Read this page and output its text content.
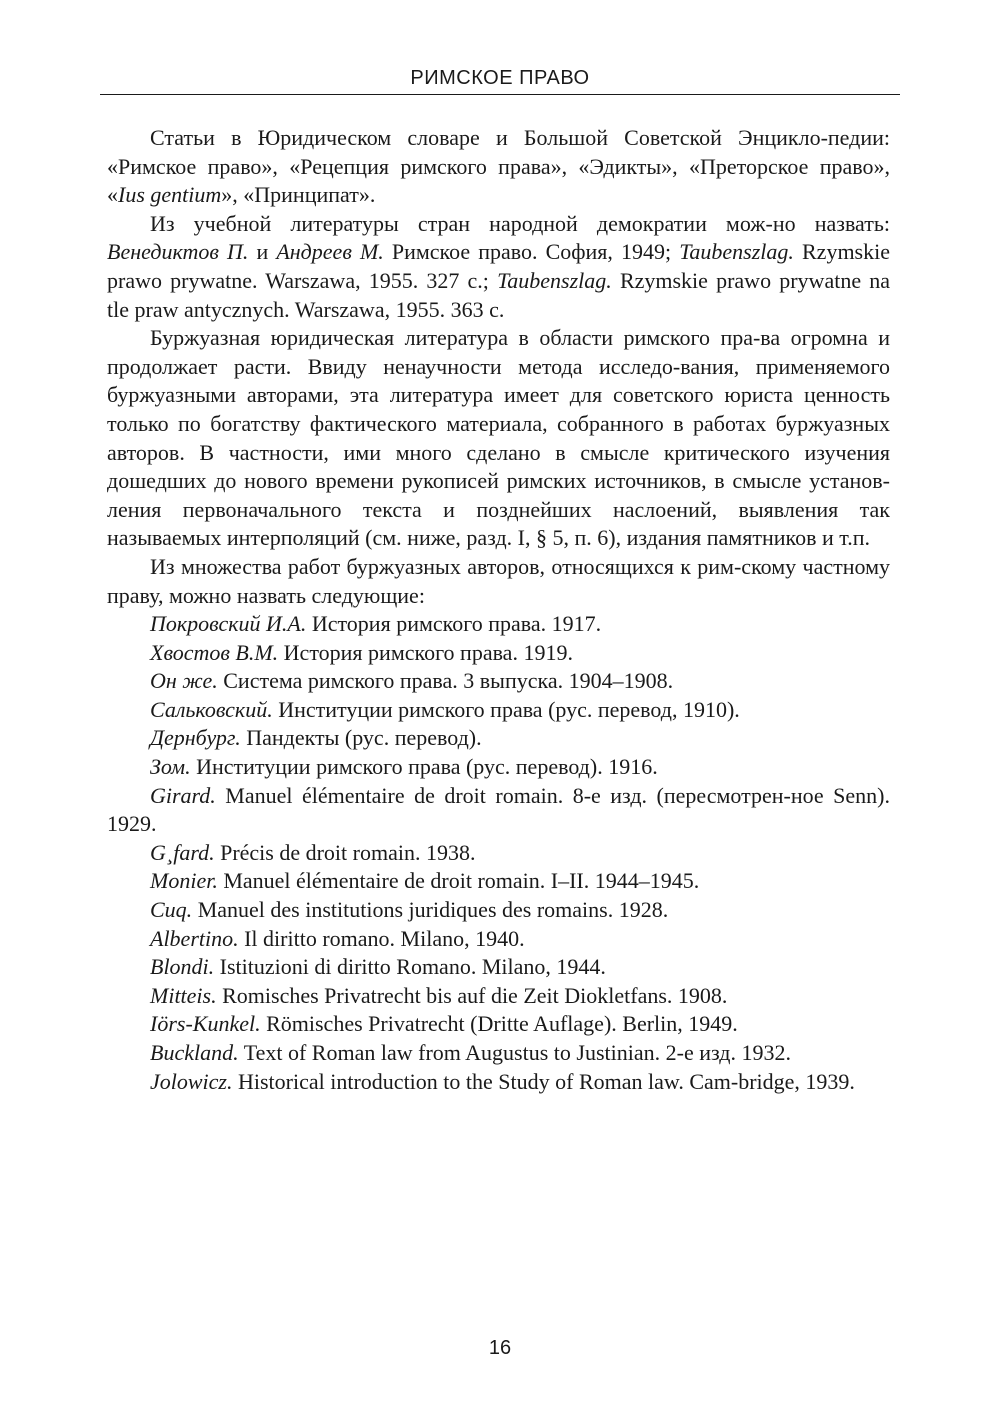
РИМСКОЕ ПРАВО

Статьи в Юридическом словаре и Большой Советской Энцикло-педии: «Римское право», «Рецепция римского права», «Эдикты», «Преторское право», «Ius gentium», «Принципат».

Из учебной литературы стран народной демократии мож-но назвать: Венедиктов П. и Андреев М. Римское право. София, 1949; Taubenszlag. Rzymskie prawo prywatne. Warszawa, 1955. 327 с.; Taubenszlag. Rzymskie prawo prywatne na tle praw antycznych. Warszawa, 1955. 363 с.

Буржуазная юридическая литература в области римского пра-ва огромна и продолжает расти. Ввиду ненаучности метода исследо-вания, применяемого буржуазными авторами, эта литература имеет для советского юриста ценность только по богатству фактического материала, собранного в работах буржуазных авторов. В частности, ими много сделано в смысле критического изучения дошедших до нового времени рукописей римских источников, в смысле установ-ления первоначального текста и позднейших наслоений, выявления так называемых интерполяций (см. ниже, разд. I, § 5, п. 6), издания памятников и т.п.

Из множества работ буржуазных авторов, относящихся к рим-скому частному праву, можно назвать следующие:

Покровский И.А. История римского права. 1917.

Хвостов В.М. История римского права. 1919.

Он же. Система римского права. 3 выпуска. 1904–1908.

Сальковский. Институции римского права (рус. перевод, 1910).

Дернбург. Пандекты (рус. перевод).

Зом. Институции римского права (рус. перевод). 1916.

Girard. Manuel élémentaire de droit romain. 8-е изд. (пересмотрен-ное Senn). 1929.

G¸fard. Précis de droit romain. 1938.

Monier. Manuel élémentaire de droit romain. I–II. 1944–1945.

Cuq. Manuel des institutions juridiques des romains. 1928.

Albertino. Il diritto romano. Milano, 1940.

Blondi. Istituzioni di diritto Romano. Milano, 1944.

Mitteis. Romisches Privatrecht bis auf die Zeit Diokletfans. 1908.

Iörs-Kunkel. Römisches Privatrecht (Dritte Auflage). Berlin, 1949.

Buckland. Text of Roman law from Augustus to Justinian. 2-е изд. 1932.

Jolowicz. Historical introduction to the Study of Roman law. Cam-bridge, 1939.

16
